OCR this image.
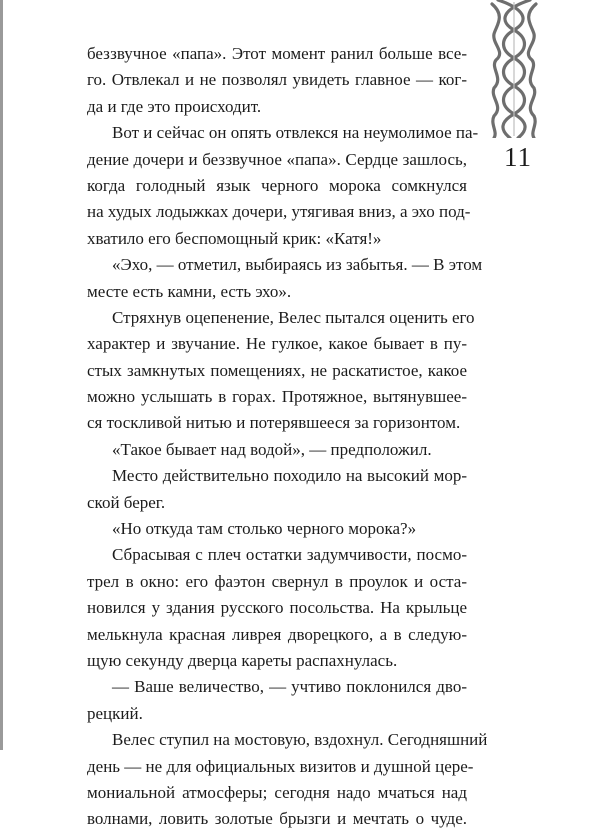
11
беззвучное «папа». Этот момент ранил больше все-
го. Отвлекал и не позволял увидеть главное — ког-
да и где это происходит.
Вот и сейчас он опять отвлекся на неумолимое па-
дение дочери и беззвучное «папа». Сердце зашлось,
когда голодный язык черного морока сомкнулся
на худых лодыжках дочери, утягивая вниз, а эхо под-
хватило его беспомощный крик: «Катя!»
«Эхо, — отметил, выбираясь из забытья. — В этом
месте есть камни, есть эхо».
Стряхнув оцепенение, Велес пытался оценить его
характер и звучание. Не гулкое, какое бывает в пу-
стых замкнутых помещениях, не раскатистое, какое
можно услышать в горах. Протяжное, вытянувшее-
ся тоскливой нитью и потерявшееся за горизонтом.
«Такое бывает над водой», — предположил.
Место действительно походило на высокий мор-
ской берег.
«Но откуда там столько черного морока?»
Сбрасывая с плеч остатки задумчивости, посмо-
трел в окно: его фаэтон свернул в проулок и оста-
новился у здания русского посольства. На крыльце
мелькнула красная ливрея дворецкого, а в следую-
щую секунду дверца кареты распахнулась.
— Ваше величество, — учтиво поклонился дво-
рецкий.
Велес ступил на мостовую, вздохнул. Сегодняшний
день — не для официальных визитов и душной цере-
мониальной атмосферы; сегодня надо мчаться над
волнами, ловить золотые брызги и мечтать о чуде.
